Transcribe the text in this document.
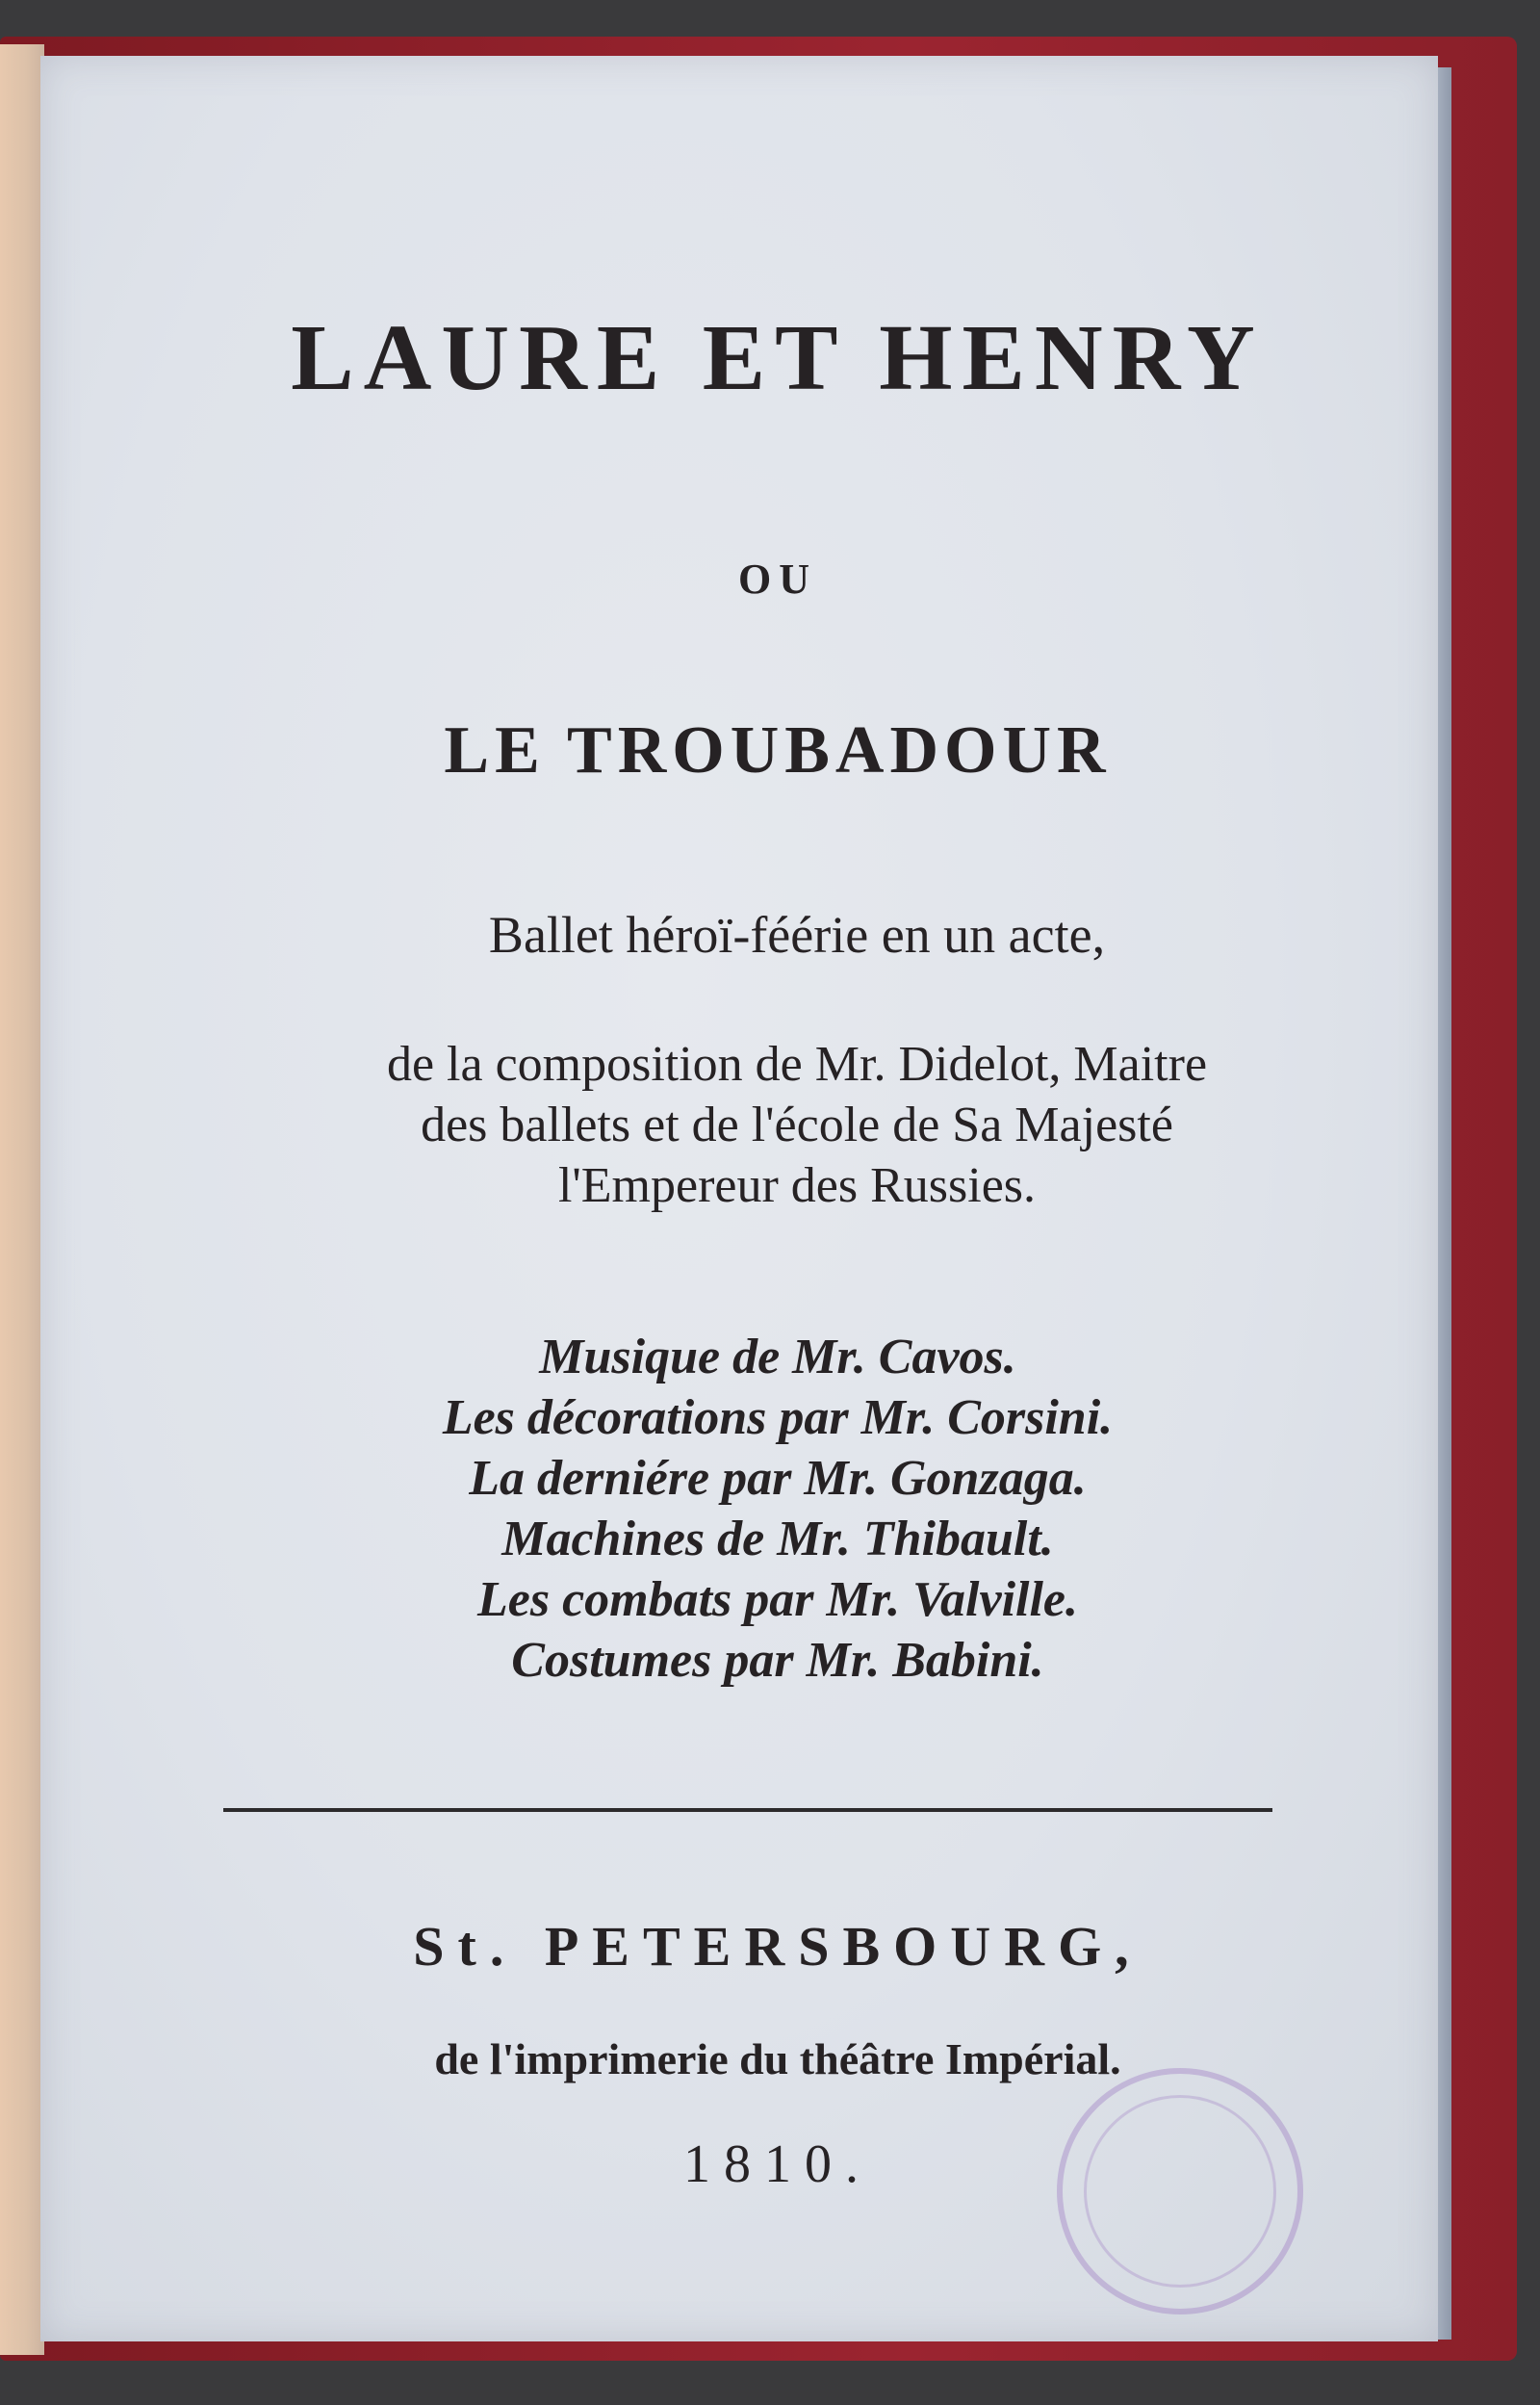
LAURE ET HENRY
OU
LE TROUBADOUR
Ballet héroï-féérie en un acte,
de la composition de Mr. Didelot, Maitre
des ballets et de l'école de Sa Majesté
l'Empereur des Russies.
Musique de Mr. Cavos.
Les décorations par Mr. Corsini.
La derniére par Mr. Gonzaga.
Machines de Mr. Thibault.
Les combats par Mr. Valville.
Costumes par Mr. Babini.
St. PETERSBOURG,
de l'imprimerie du théâtre Impérial.
1810.
